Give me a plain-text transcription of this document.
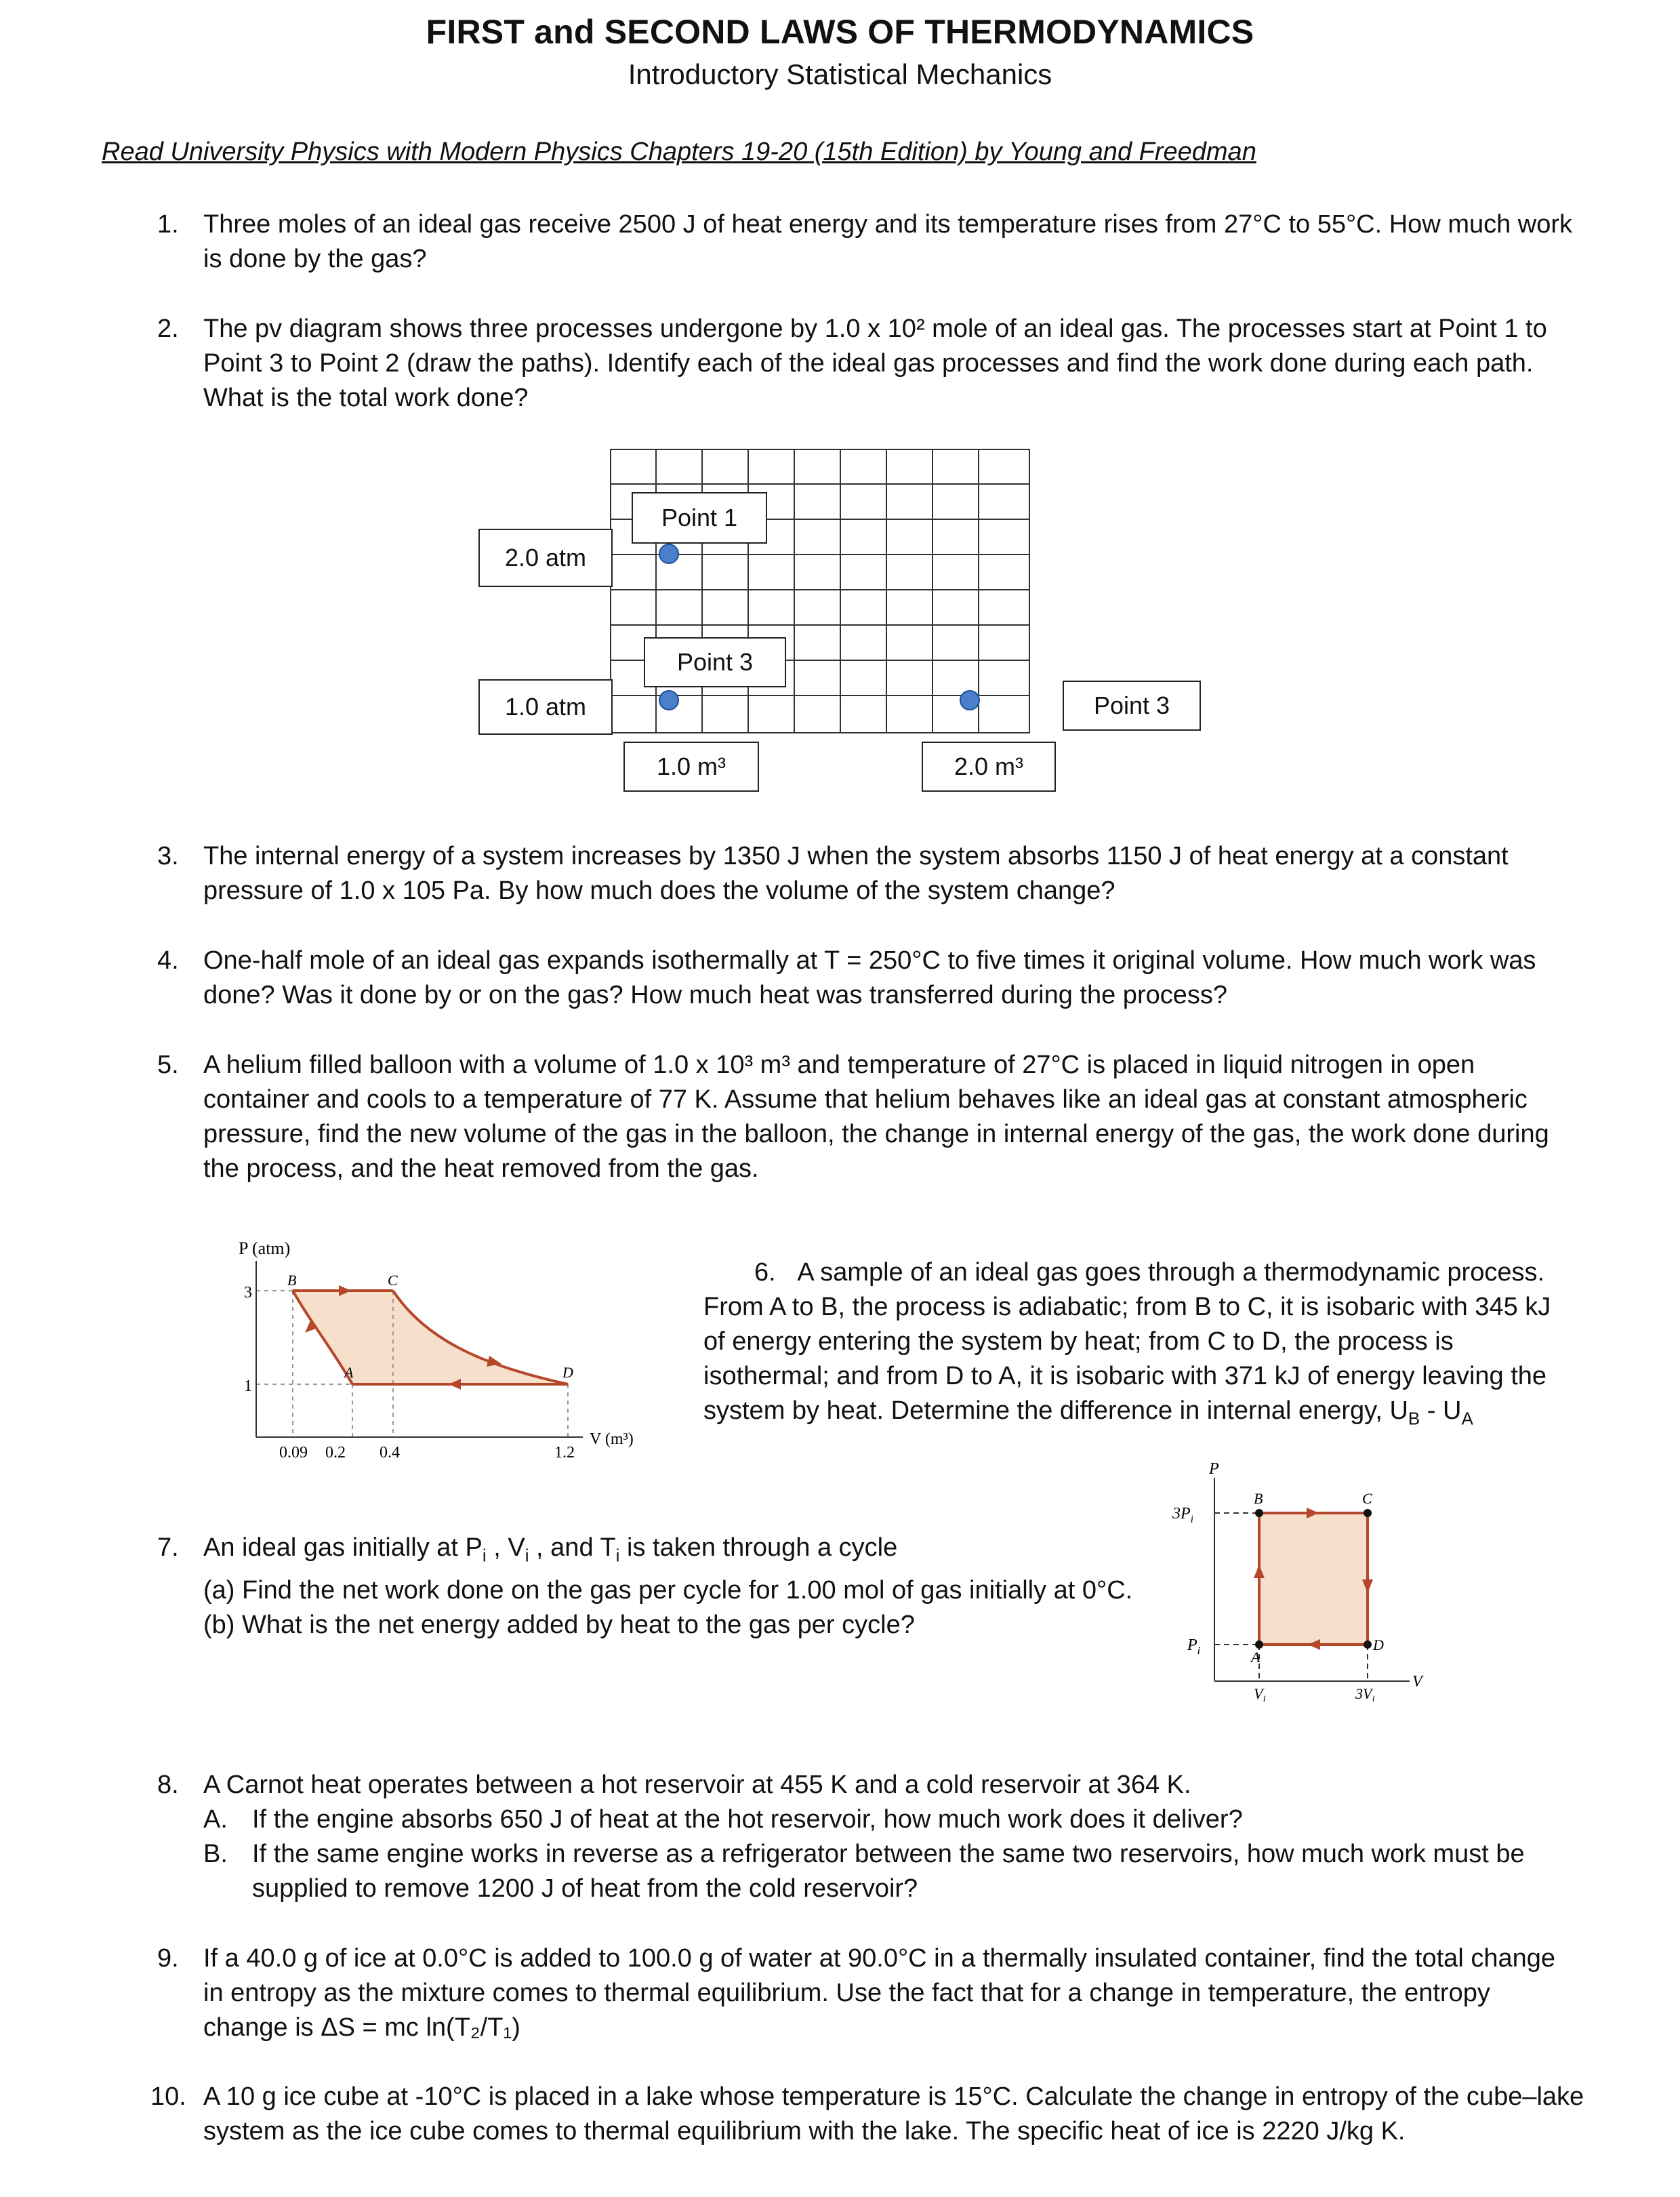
FIRST and SECOND LAWS OF THERMODYNAMICS
Introductory Statistical Mechanics
Read University Physics with Modern Physics Chapters 19-20 (15th Edition) by Young and Freedman
1. Three moles of an ideal gas receive 2500 J of heat energy and its temperature rises from 27°C to 55°C. How much work

is done by the gas?

2. The pv diagram shows three processes undergone by 1.0 x 10² mole of an ideal gas. The processes start at Point 1 to

Point 3 to Point 2 (draw the paths). Identify each of the ideal gas processes and find the work done during each path.

What is the total work done?

Point 1
2.0 atm
Point 3
1.0 atm	Point 3
1.0 m³	2.0 m³
3. The internal energy of a system increases by 1350 J when the system absorbs 1150 J of heat energy at a constant

pressure of 1.0 x 105 Pa. By how much does the volume of the system change?

4. One-half mole of an ideal gas expands isothermally at T = 250°C to five times it original volume. How much work was

done? Was it done by or on the gas? How much heat was transferred during the process?

5. A helium filled balloon with a volume of 1.0 x 10³ m³ and temperature of 27°C is placed in liquid nitrogen in open

container and cools to a temperature of 77 K. Assume that helium behaves like an ideal gas at constant atmospheric

pressure, find the new volume of the gas in the balloon, the change in internal energy of the gas, the work done during

the process, and the heat removed from the gas.

P (atm)
3
1
B	C
A	D
0.09 0.2 0.4	1.2
V (m³)

6. A sample of an ideal gas goes through a thermodynamic process.

From A to B, the process is adiabatic; from B to C, it is isobaric with 345 kJ

of energy entering the system by heat; from C to D, the process is

isothermal; and from D to A, it is isobaric with 371 kJ of energy leaving the

system by heat. Determine the difference in internal energy, $U_B - U_A$

P
$3P_i$
$P_i$
B	C
A
D
$V_i$	$3V_i$
V
7. An ideal gas initially at $P_i$ , $V_i$ , and $T_i$ is taken through a cycle

(a) Find the net work done on the gas per cycle for 1.00 mol of gas initially at 0°C.

(b) What is the net energy added by heat to the gas per cycle?

8. A Carnot heat operates between a hot reservoir at 455 K and a cold reservoir at 364 K.

A. If the engine absorbs 650 J of heat at the hot reservoir, how much work does it deliver?
B. If the same engine works in reverse as a refrigerator between the same two reservoirs, how much work must be

supplied to remove 1200 J of heat from the cold reservoir?

9. If a 40.0 g of ice at 0.0°C is added to 100.0 g of water at 90.0°C in a thermally insulated container, find the total change

in entropy as the mixture comes to thermal equilibrium. Use the fact that for a change in temperature, the entropy

change is ΔS = mc ln(T₂/T₁)

10. A 10 g ice cube at -10°C is placed in a lake whose temperature is 15°C. Calculate the change in entropy of the cube–lake

system as the ice cube comes to thermal equilibrium with the lake. The specific heat of ice is 2220 J/kg K.
